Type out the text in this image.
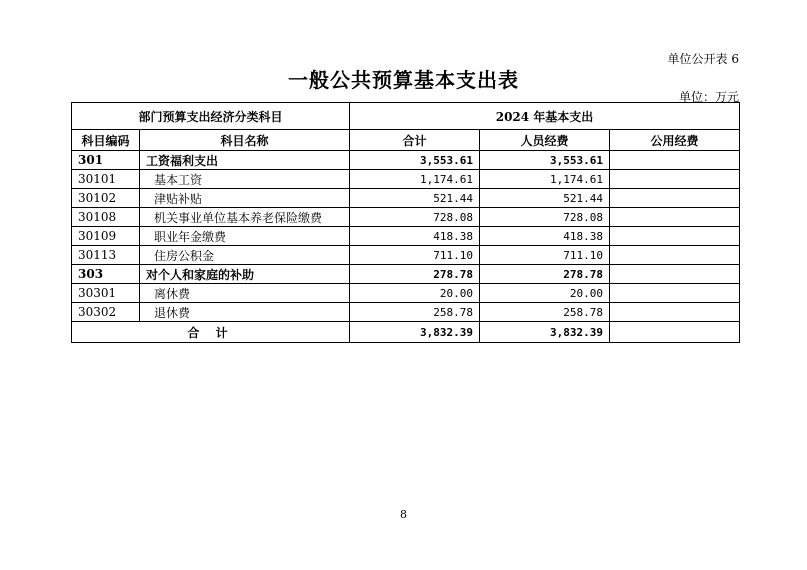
单位公开表 6
一般公共预算基本支出表
单位：万元
部门预算支出经济分类科目		2024 年基本支出		
科目编码	科目名称	合计	人员经费	公用经费
301	工资福利支出	3,553.61	3,553.61	
30101	基本工资	1,174.61	1,174.61	
30102	津贴补贴	521.44	521.44	
30108	机关事业单位基本养老保险缴费	728.08	728.08	
30109	职业年金缴费	418.38	418.38	
30113	住房公积金	711.10	711.10	
303	对个人和家庭的补助	278.78	278.78	
30301	离休费	20.00	20.00	
30302	退休费	258.78	258.78	
合 计		3,832.39	3,832.39	
8
